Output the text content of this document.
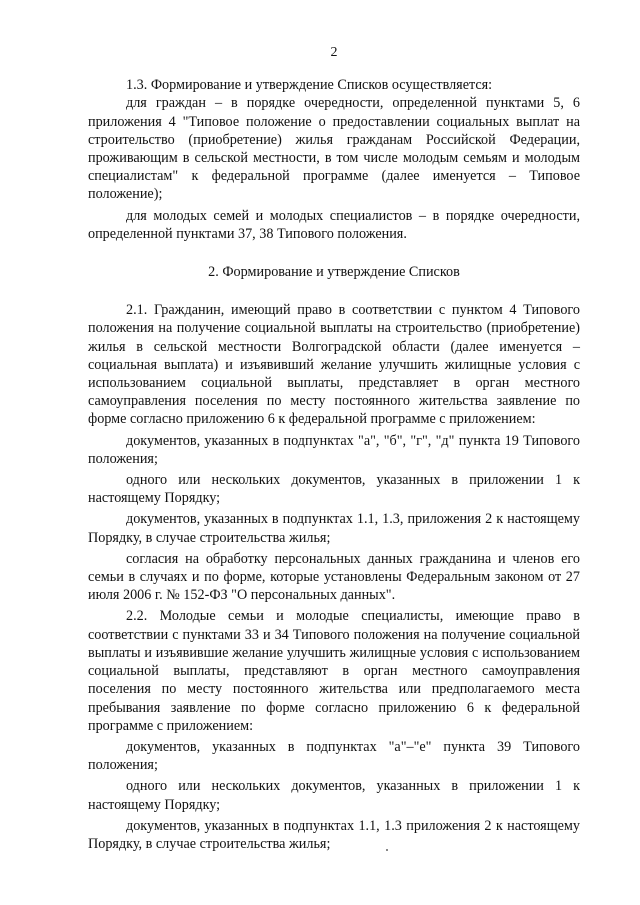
2

1.3. Формирование и утверждение Списков осуществляется:

для граждан – в порядке очередности, определенной пунктами 5, 6 приложения 4 "Типовое положение о предоставлении социальных выплат на строительство (приобретение) жилья гражданам Российской Федерации, проживающим в сельской местности, в том числе молодым семьям и молодым специалистам" к федеральной программе (далее именуется – Типовое положение);

для молодых семей и молодых специалистов – в порядке очередности, определенной пунктами 37, 38 Типового положения.

2. Формирование и утверждение Списков

2.1. Гражданин, имеющий право в соответствии с пунктом 4 Типового положения на получение социальной выплаты на строительство (приобретение) жилья в сельской местности Волгоградской области (далее именуется – социальная выплата) и изъявивший желание улучшить жилищные условия с использованием социальной выплаты, представляет в орган местного самоуправления поселения по месту постоянного жительства заявление по форме согласно приложению 6 к федеральной программе с приложением:

документов, указанных в подпунктах "а", "б", "г", "д" пункта 19 Типового положения;

одного или нескольких документов, указанных в приложении 1 к настоящему Порядку;

документов, указанных в подпунктах 1.1, 1.3, приложения 2 к настоящему Порядку, в случае строительства жилья;

согласия на обработку персональных данных гражданина и членов его семьи в случаях и по форме, которые установлены Федеральным законом от 27 июля 2006 г. № 152-ФЗ "О персональных данных".

2.2. Молодые семьи и молодые специалисты, имеющие право в соответствии с пунктами 33 и 34 Типового положения на получение социальной выплаты и изъявившие желание улучшить жилищные условия с использованием социальной выплаты, представляют в орган местного самоуправления поселения по месту постоянного жительства или предполагаемого места пребывания заявление по форме согласно приложению 6 к федеральной программе с приложением:

документов, указанных в подпунктах "а"–"е" пункта 39 Типового положения;

одного или нескольких документов, указанных в приложении 1 к настоящему Порядку;

документов, указанных в подпунктах 1.1, 1.3 приложения 2 к настоящему Порядку, в случае строительства жилья;
